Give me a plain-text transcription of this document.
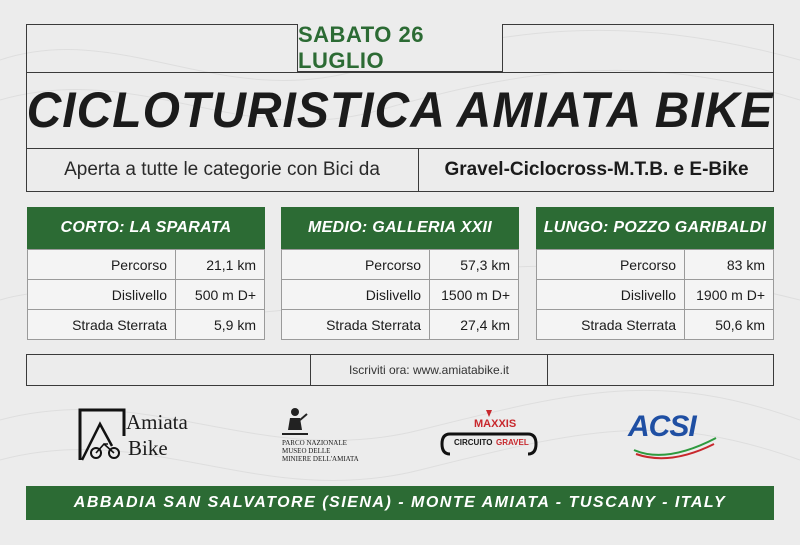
SABATO 26 LUGLIO
CICLOTURISTICA AMIATA BIKE
Aperta a tutte le categorie con Bici da	Gravel-Ciclocross-M.T.B. e E-Bike
CORTO: LA SPARATA
Percorso	21,1 km
Dislivello	500 m D+
Strada Sterrata	5,9 km
MEDIO: GALLERIA XXII
Percorso	57,3 km
Dislivello	1500 m D+
Strada Sterrata	27,4 km
LUNGO: POZZO GARIBALDI
Percorso	83 km
Dislivello	1900 m D+
Strada Sterrata	50,6 km
Iscriviti ora: www.amiatabike.it
Amiata
Bike	PARCO NAZIONALE
MUSEO DELLE
MINIERE DELL'AMIATA
MAXXIS
CIRCUITO GRAVEL	ACSI
ABBADIA SAN SALVATORE (SIENA) - MONTE AMIATA - TUSCANY - ITALY
